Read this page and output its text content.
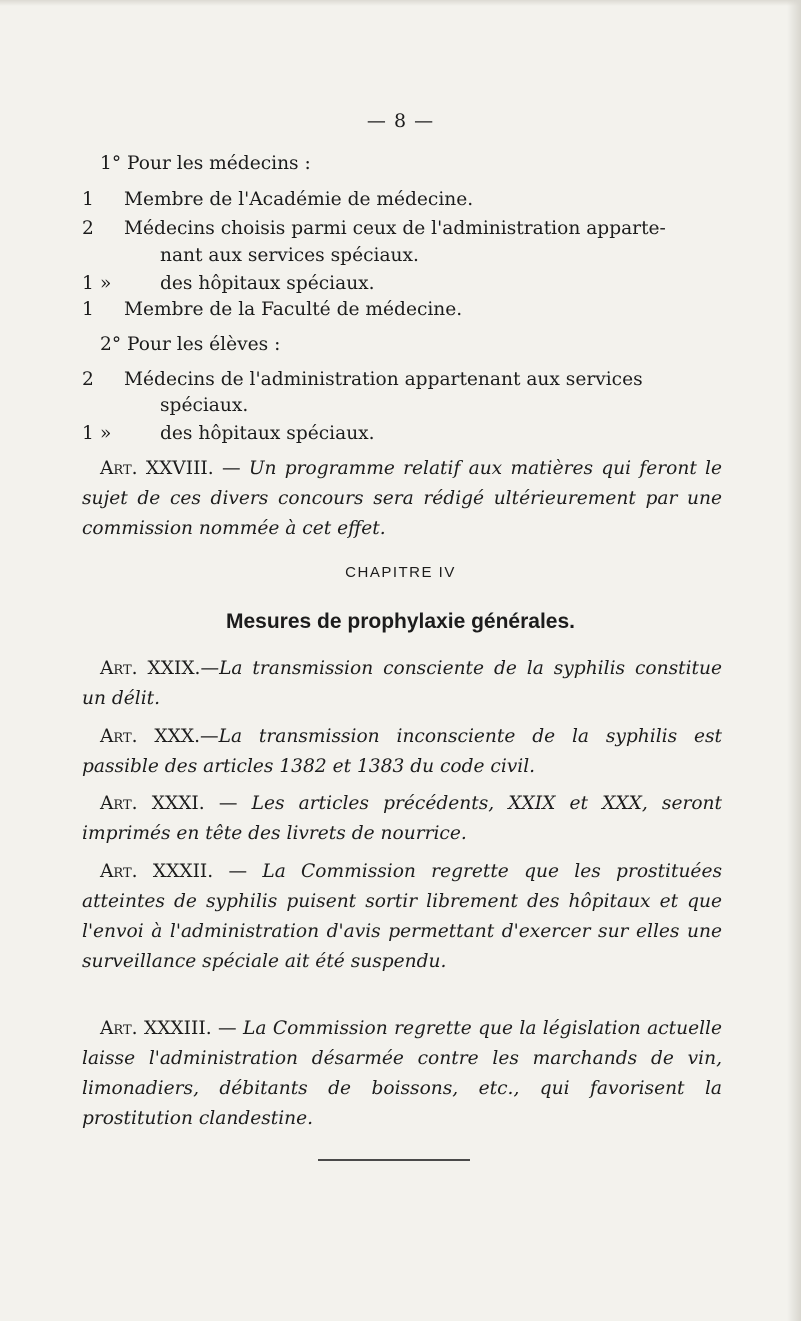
— 8 —
1° Pour les médecins :
1 Membre de l'Académie de médecine.
2 Médecins choisis parmi ceux de l'administration apparte-
nant aux services spéciaux.
1 »	des hôpitaux spéciaux.
1 Membre de la Faculté de médecine.
2° Pour les élèves :
2 Médecins de l'administration appartenant aux services
spéciaux.
1 »	des hôpitaux spéciaux.
Art. XXVIII. — Un programme relatif aux matières qui feront le sujet de ces divers concours sera rédigé ultérieurement par une commission nommée à cet effet.
CHAPITRE IV
Mesures de prophylaxie générales.
Art. XXIX.—La transmission consciente de la syphilis constitue un délit.
Art. XXX.—La transmission inconsciente de la syphilis est passible des articles 1382 et 1383 du code civil.
Art. XXXI. — Les articles précédents, XXIX et XXX, seront imprimés en tête des livrets de nourrice.
Art. XXXII. — La Commission regrette que les prostituées atteintes de syphilis puisent sortir librement des hôpitaux et que l'envoi à l'administration d'avis permettant d'exercer sur elles une surveillance spéciale ait été suspendu.
Art. XXXIII. — La Commission regrette que la législation actuelle laisse l'administration désarmée contre les marchands de vin, limonadiers, débitants de boissons, etc., qui favorisent la prostitution clandestine.
